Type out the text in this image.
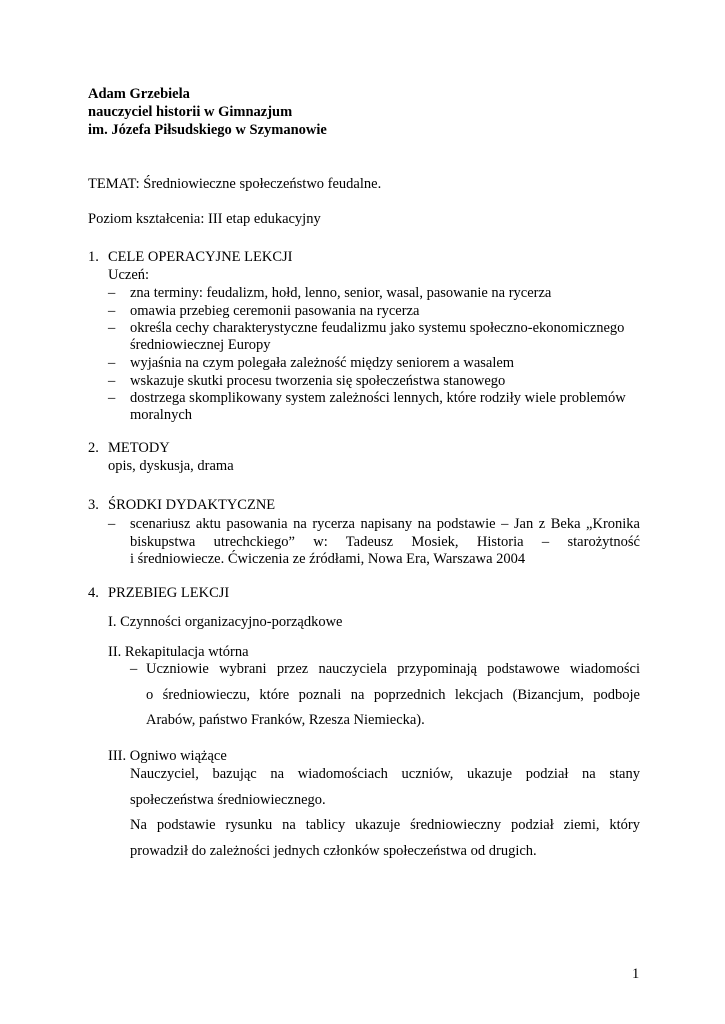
Adam Grzebiela
nauczyciel historii w Gimnazjum
im. Józefa Piłsudskiego w Szymanowie
TEMAT: Średniowieczne społeczeństwo feudalne.
Poziom kształcenia: III etap edukacyjny
1. CELE OPERACYJNE LEKCJI
Uczeń:
– zna terminy: feudalizm, hołd, lenno, senior, wasal, pasowanie na rycerza
– omawia przebieg ceremonii pasowania na rycerza
– określa cechy charakterystyczne feudalizmu jako systemu społeczno-ekonomicznego
średniowiecznej Europy
– wyjaśnia na czym polegała zależność między seniorem a wasalem
– wskazuje skutki procesu tworzenia się społeczeństwa stanowego
– dostrzega skomplikowany system zależności lennych, które rodziły wiele problemów
moralnych
2. METODY
opis, dyskusja, drama
3. ŚRODKI DYDAKTYCZNE
– scenariusz aktu pasowania na rycerza napisany na podstawie – Jan z Beka „Kronika
biskupstwa utrechckiego” w: Tadeusz Mosiek, Historia – starożytność
i średniowiecze. Ćwiczenia ze źródłami, Nowa Era, Warszawa 2004
4. PRZEBIEG LEKCJI
I. Czynności organizacyjno-porządkowe
II. Rekapitulacja wtórna
– Uczniowie wybrani przez nauczyciela przypominają podstawowe wiadomości
o średniowieczu, które poznali na poprzednich lekcjach (Bizancjum, podboje
Arabów, państwo Franków, Rzesza Niemiecka).
III. Ogniwo wiążące
Nauczyciel, bazując na wiadomościach uczniów, ukazuje podział na stany
społeczeństwa średniowiecznego.
Na podstawie rysunku na tablicy ukazuje średniowieczny podział ziemi, który
prowadził do zależności jednych członków społeczeństwa od drugich.
1
